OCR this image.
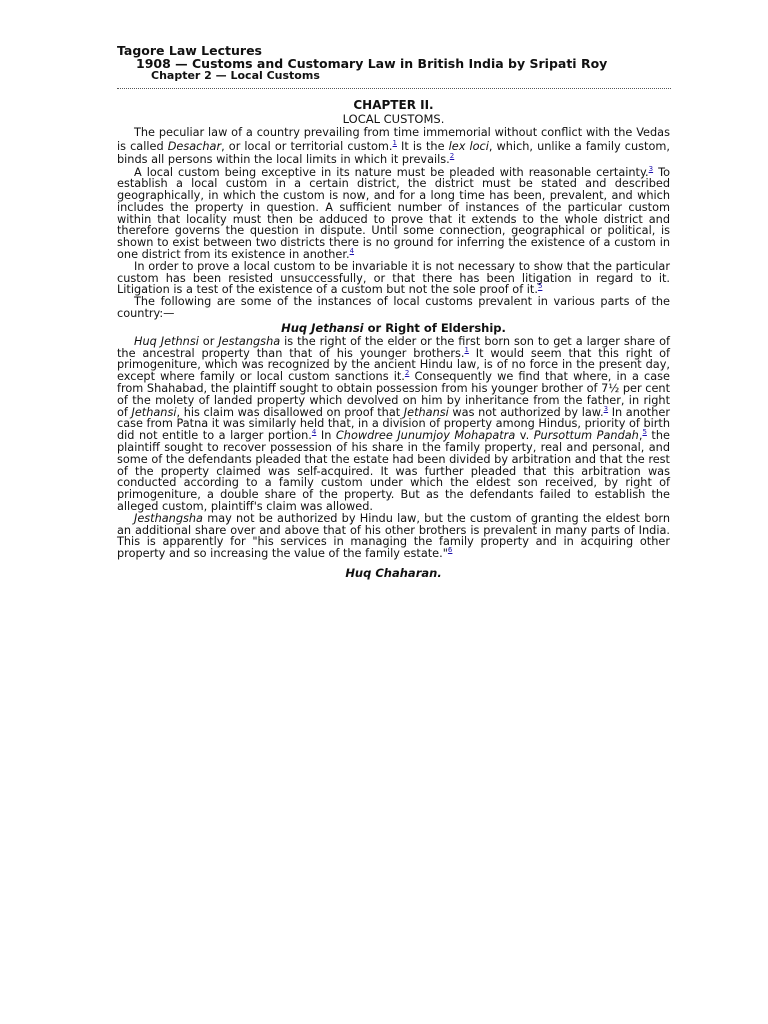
Tagore Law Lectures
1908 — Customs and Customary Law in British India by Sripati Roy
Chapter 2 — Local Customs
CHAPTER II.
LOCAL CUSTOMS.

The peculiar law of a country prevailing from time immemorial without conflict with the Vedas is called Desachar, or local or territorial custom.$^1$ It is the lex loci, which, unlike a family custom, binds all persons within the local limits in which it prevails.$^2$

A local custom being exceptive in its nature must be pleaded with reasonable certainty.$^3$ To establish a local custom in a certain district, the district must be stated and described geographically, in which the custom is now, and for a long time has been, prevalent, and which includes the property in question. A sufficient number of instances of the particular custom within that locality must then be adduced to prove that it extends to the whole district and therefore governs the question in dispute. Until some connection, geographical or political, is shown to exist between two districts there is no ground for inferring the existence of a custom in one district from its existence in another.$^4$

In order to prove a local custom to be invariable it is not necessary to show that the particular custom has been resisted unsuccessfully, or that there has been litigation in regard to it. Litigation is a test of the existence of a custom but not the sole proof of it.$^5$

The following are some of the instances of local customs prevalent in various parts of the country:—

Huq Jethansi or Right of Eldership.

Huq Jethnsi or Jestangsha is the right of the elder or the first born son to get a larger share of the ancestral property than that of his younger brothers.$^1$ It would seem that this right of primogeniture, which was recognized by the ancient Hindu law, is of no force in the present day, except where family or local custom sanctions it.$^2$ Consequently we find that where, in a case from Shahabad, the plaintiff sought to obtain possession from his younger brother of 7½ per cent of the molety of landed property which devolved on him by inheritance from the father, in right of Jethansi, his claim was disallowed on proof that Jethansi was not authorized by law.$^3$ In another case from Patna it was similarly held that, in a division of property among Hindus, priority of birth did not entitle to a larger portion.$^4$ In Chowdree Junumjoy Mohapatra v. Pursottum Pandah,$^5$ the plaintiff sought to recover possession of his share in the family property, real and personal, and some of the defendants pleaded that the estate had been divided by arbitration and that the rest of the property claimed was self-acquired. It was further pleaded that this arbitration was conducted according to a family custom under which the eldest son received, by right of primogeniture, a double share of the property. But as the defendants failed to establish the alleged custom, plaintiff's claim was allowed.

Jesthangsha may not be authorized by Hindu law, but the custom of granting the eldest born an additional share over and above that of his other brothers is prevalent in many parts of India. This is apparently for "his services in managing the family property and in acquiring other property and so increasing the value of the family estate."$^6$

Huq Chaharan.
